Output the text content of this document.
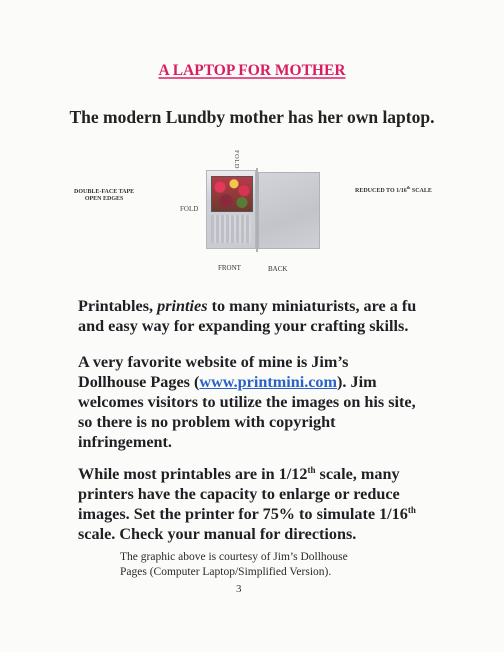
A LAPTOP FOR MOTHER
The modern Lundby mother has her own laptop.
FOLD
FOLD
DOUBLE-FACE TAPE
OPEN EDGES
REDUCED TO 1/16th SCALE
FRONT	BACK
Printables, printies to many miniaturists, are a fu
and easy way for expanding your crafting skills.
A very favorite website of mine is Jim’s
Dollhouse Pages (www.printmini.com). Jim
welcomes visitors to utilize the images on his site,
so there is no problem with copyright
infringement.
While most printables are in 1/12th scale, many
printers have the capacity to enlarge or reduce
images. Set the printer for 75% to simulate 1/16th
scale. Check your manual for directions.
The graphic above is courtesy of Jim’s Dollhouse
Pages (Computer Laptop/Simplified Version).
3
